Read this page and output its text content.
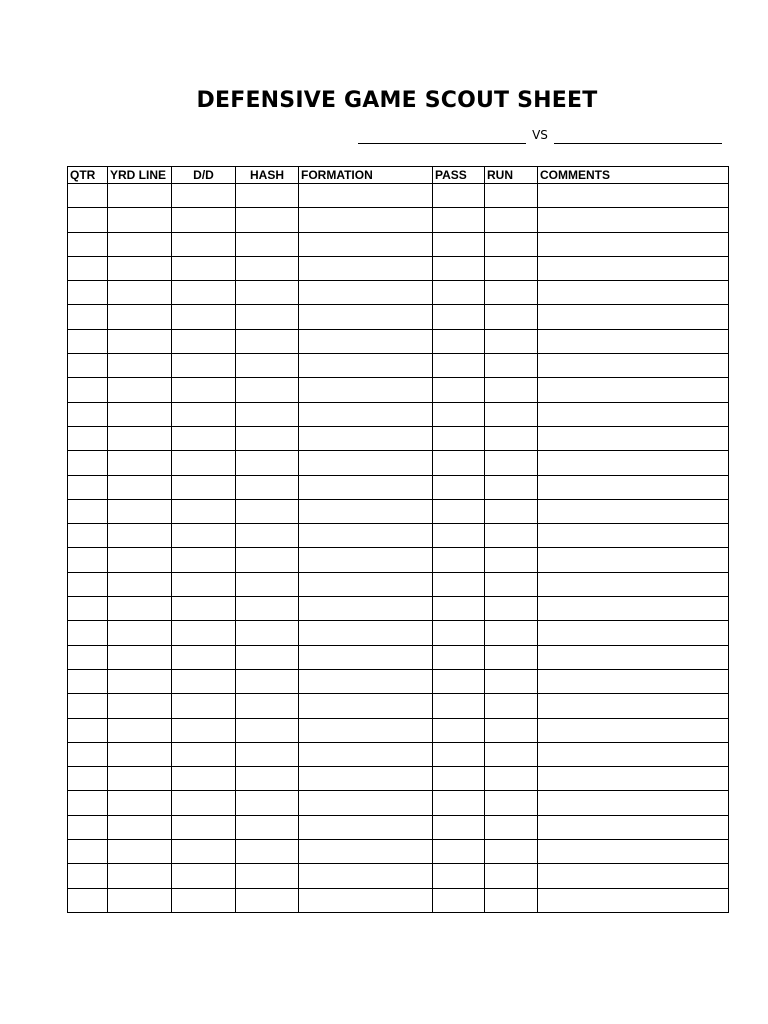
DEFENSIVE GAME SCOUT SHEET
VS
QTR	YRD LINE	D/D	HASH	FORMATION	PASS	RUN	COMMENTS
